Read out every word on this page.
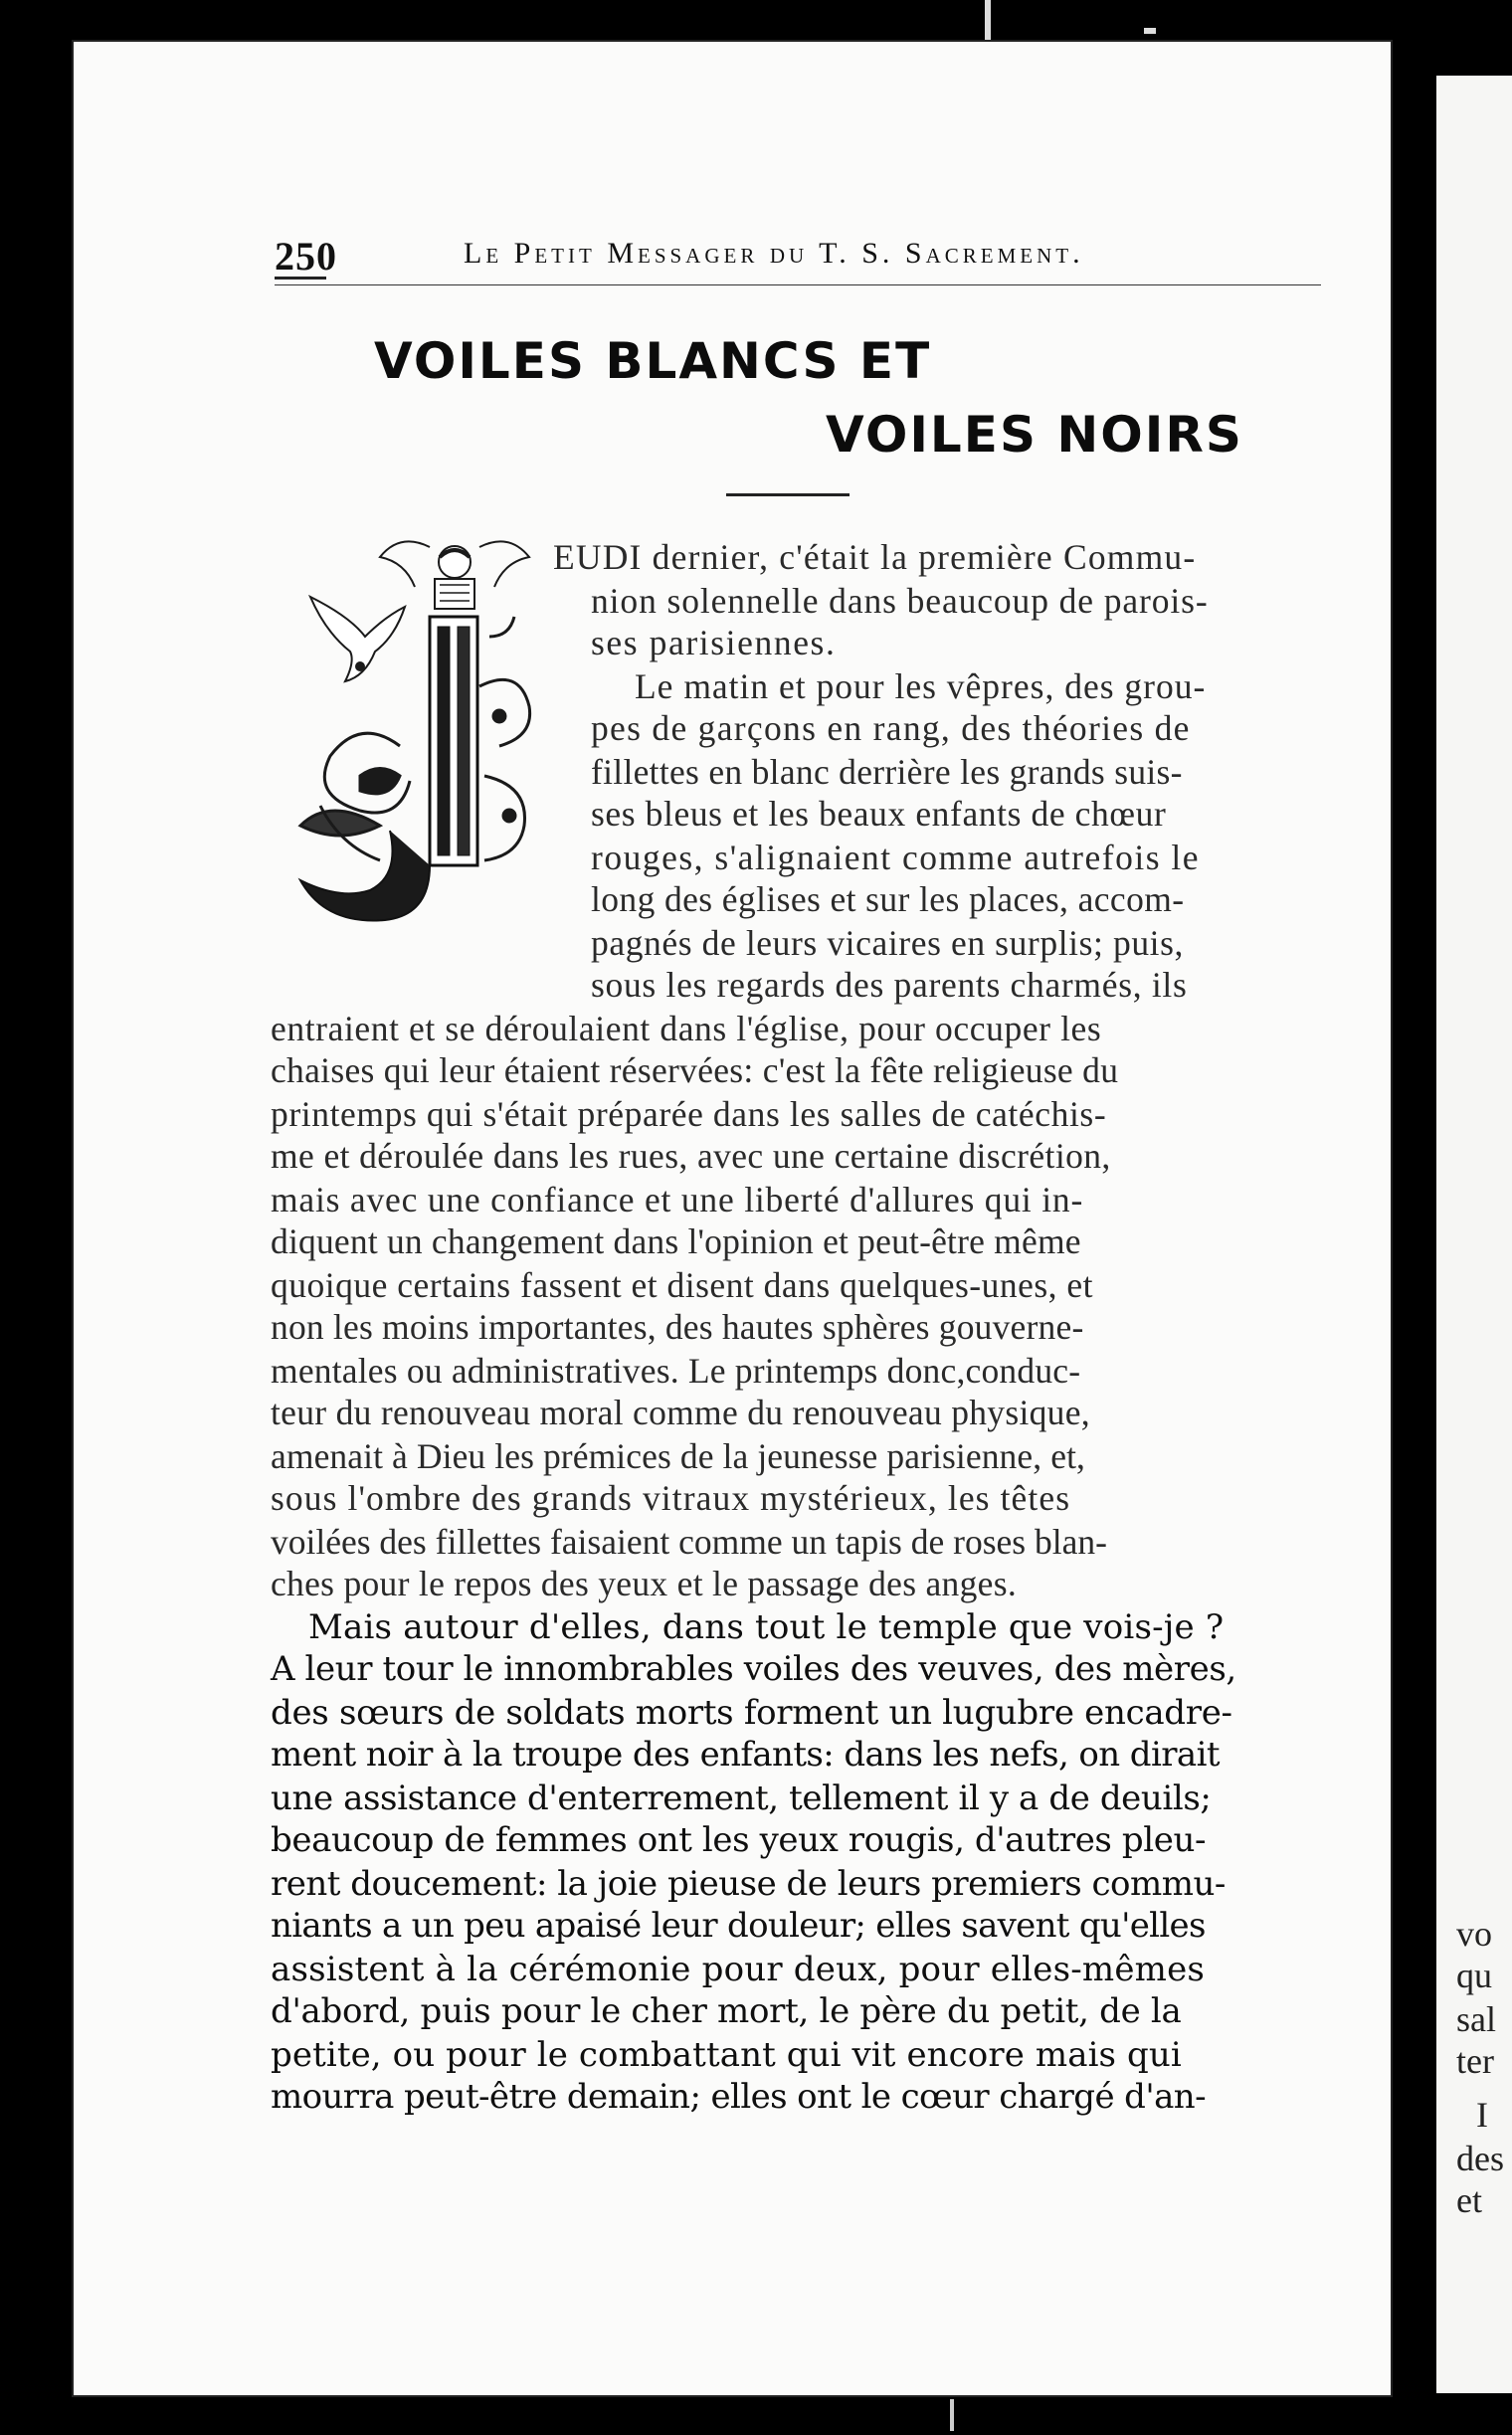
vo
qu
sal
ter
I
des
et
250	Le Petit Messager du T. S. Sacrement.
VOILES BLANCS ET
VOILES NOIRS
EUDI dernier, c'était la première Commu-
nion solennelle dans beaucoup de parois-
ses parisiennes.
Le matin et pour les vêpres, des grou-
pes de garçons en rang, des théories de
fillettes en blanc derrière les grands suis-
ses bleus et les beaux enfants de chœur
rouges, s'alignaient comme autrefois le
long des églises et sur les places, accom-
pagnés de leurs vicaires en surplis; puis,
sous les regards des parents charmés, ils
entraient et se déroulaient dans l'église, pour occuper les
chaises qui leur étaient réservées: c'est la fête religieuse du
printemps qui s'était préparée dans les salles de catéchis-
me et déroulée dans les rues, avec une certaine discrétion,
mais avec une confiance et une liberté d'allures qui in-
diquent un changement dans l'opinion et peut-être même
quoique certains fassent et disent dans quelques-unes, et
non les moins importantes, des hautes sphères gouverne-
mentales ou administratives. Le printemps donc,conduc-
teur du renouveau moral comme du renouveau physique,
amenait à Dieu les prémices de la jeunesse parisienne, et,
sous l'ombre des grands vitraux mystérieux, les têtes
voilées des fillettes faisaient comme un tapis de roses blan-
ches pour le repos des yeux et le passage des anges.
Mais autour d'elles, dans tout le temple que vois-je ?
A leur tour le innombrables voiles des veuves, des mères,
des sœurs de soldats morts forment un lugubre encadre-
ment noir à la troupe des enfants: dans les nefs, on dirait
une assistance d'enterrement, tellement il y a de deuils;
beaucoup de femmes ont les yeux rougis, d'autres pleu-
rent doucement: la joie pieuse de leurs premiers commu-
niants a un peu apaisé leur douleur; elles savent qu'elles
assistent à la cérémonie pour deux, pour elles-mêmes
d'abord, puis pour le cher mort, le père du petit, de la
petite, ou pour le combattant qui vit encore mais qui
mourra peut-être demain; elles ont le cœur chargé d'an-
